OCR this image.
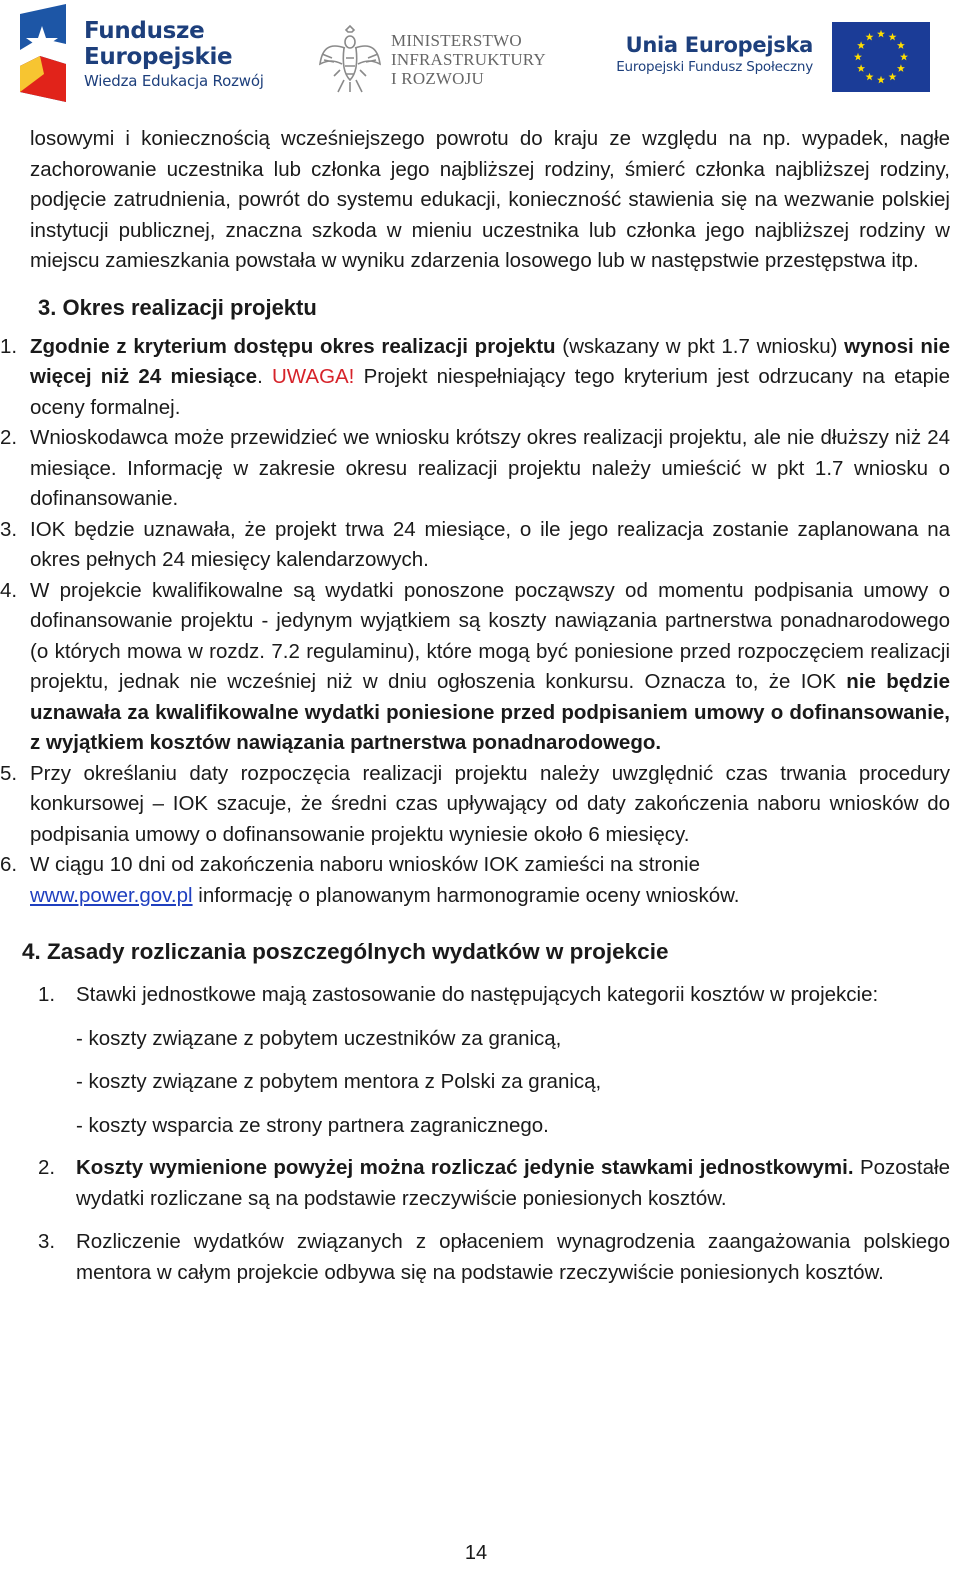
Fundusze
Europejskie
Wiedza Edukacja Rozwój
MINISTERSTWO
INFRASTRUKTURY
I ROZWOJU
Unia Europejska
Europejski Fundusz Społeczny

losowymi i koniecznością wcześniejszego powrotu do kraju ze względu na np. wypadek, nagłe zachorowanie uczestnika lub członka jego najbliższej rodziny, śmierć członka najbliższej rodziny, podjęcie zatrudnienia, powrót do systemu edukacji, konieczność stawienia się na wezwanie polskiej instytucji publicznej, znaczna szkoda w mieniu uczestnika lub członka jego najbliższej rodziny w miejscu zamieszkania powstała w wyniku zdarzenia losowego lub w następstwie przestępstwa itp.

3. Okres realizacji projektu
1. Zgodnie z kryterium dostępu okres realizacji projektu (wskazany w pkt 1.7 wniosku) wynosi nie więcej niż 24 miesiące. UWAGA! Projekt niespełniający tego kryterium jest odrzucany na etapie oceny formalnej.
2. Wnioskodawca może przewidzieć we wniosku krótszy okres realizacji projektu, ale nie dłuższy niż 24 miesiące. Informację w zakresie okresu realizacji projektu należy umieścić w pkt 1.7 wniosku o dofinansowanie.
3. IOK będzie uznawała, że projekt trwa 24 miesiące, o ile jego realizacja zostanie zaplanowana na okres pełnych 24 miesięcy kalendarzowych.
4. W projekcie kwalifikowalne są wydatki ponoszone począwszy od momentu podpisania umowy o dofinansowanie projektu - jedynym wyjątkiem są koszty nawiązania partnerstwa ponadnarodowego (o których mowa w rozdz. 7.2 regulaminu), które mogą być poniesione przed rozpoczęciem realizacji projektu, jednak nie wcześniej niż w dniu ogłoszenia konkursu. Oznacza to, że IOK nie będzie uznawała za kwalifikowalne wydatki poniesione przed podpisaniem umowy o dofinansowanie, z wyjątkiem kosztów nawiązania partnerstwa ponadnarodowego.
5. Przy określaniu daty rozpoczęcia realizacji projektu należy uwzględnić czas trwania procedury konkursowej – IOK szacuje, że średni czas upływający od daty zakończenia naboru wniosków do podpisania umowy o dofinansowanie projektu wyniesie około 6 miesięcy.
6. W ciągu 10 dni od zakończenia naboru wniosków IOK zamieści na stronie
www.power.gov.pl informację o planowanym harmonogramie oceny wniosków.
4. Zasady rozliczania poszczególnych wydatków w projekcie
1. Stawki jednostkowe mają zastosowanie do następujących kategorii kosztów w projekcie:

- koszty związane z pobytem uczestników za granicą,

- koszty związane z pobytem mentora z Polski za granicą,

- koszty wsparcia ze strony partnera zagranicznego.

2. Koszty wymienione powyżej można rozliczać jedynie stawkami jednostkowymi. Pozostałe wydatki rozliczane są na podstawie rzeczywiście poniesionych kosztów.
3. Rozliczenie wydatków związanych z opłaceniem wynagrodzenia zaangażowania polskiego mentora w całym projekcie odbywa się na podstawie rzeczywiście poniesionych kosztów.
14
